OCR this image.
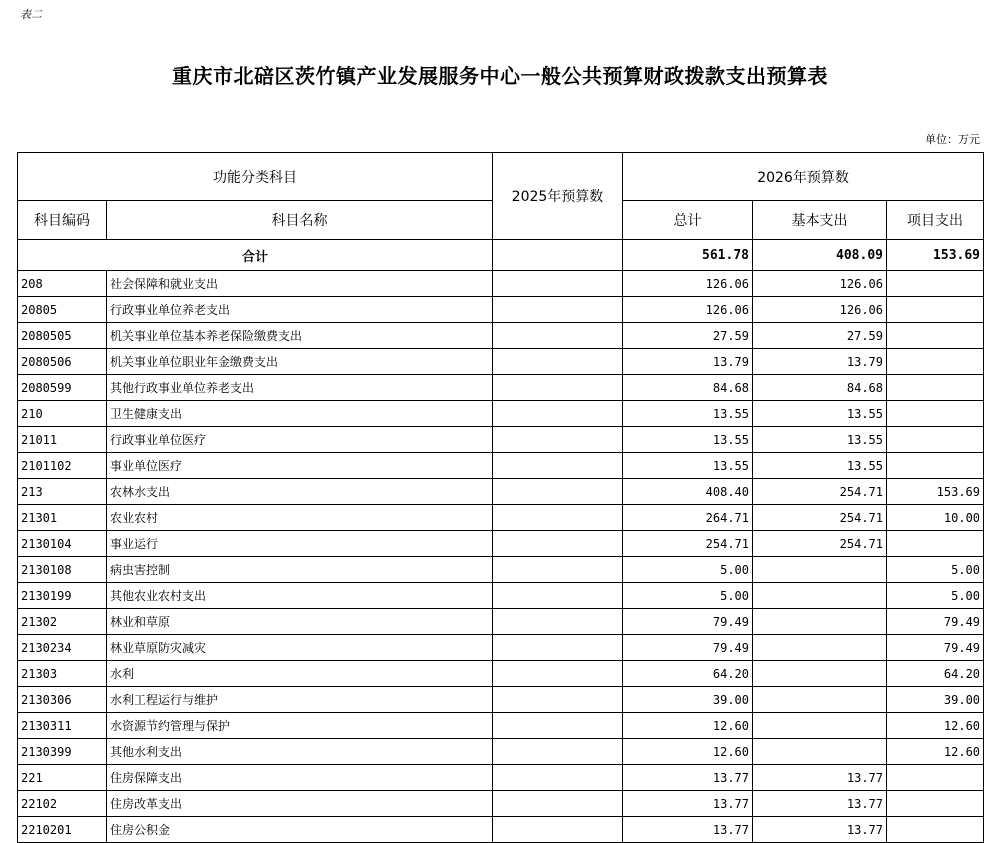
表二
重庆市北碚区茨竹镇产业发展服务中心一般公共预算财政拨款支出预算表
单位：万元
功能分类科目		2025年预算数	2026年预算数		
科目编码	科目名称		总计	基本支出	项目支出
合计			561.78	408.09	153.69
208	社会保障和就业支出		126.06	126.06	
20805	行政事业单位养老支出		126.06	126.06	
2080505	机关事业单位基本养老保险缴费支出		27.59	27.59	
2080506	机关事业单位职业年金缴费支出		13.79	13.79	
2080599	其他行政事业单位养老支出		84.68	84.68	
210	卫生健康支出		13.55	13.55	
21011	行政事业单位医疗		13.55	13.55	
2101102	事业单位医疗		13.55	13.55	
213	农林水支出		408.40	254.71	153.69
21301	农业农村		264.71	254.71	10.00
2130104	事业运行		254.71	254.71	
2130108	病虫害控制		5.00		5.00
2130199	其他农业农村支出		5.00		5.00
21302	林业和草原		79.49		79.49
2130234	林业草原防灾减灾		79.49		79.49
21303	水利		64.20		64.20
2130306	水利工程运行与维护		39.00		39.00
2130311	水资源节约管理与保护		12.60		12.60
2130399	其他水利支出		12.60		12.60
221	住房保障支出		13.77	13.77	
22102	住房改革支出		13.77	13.77	
2210201	住房公积金		13.77	13.77	
